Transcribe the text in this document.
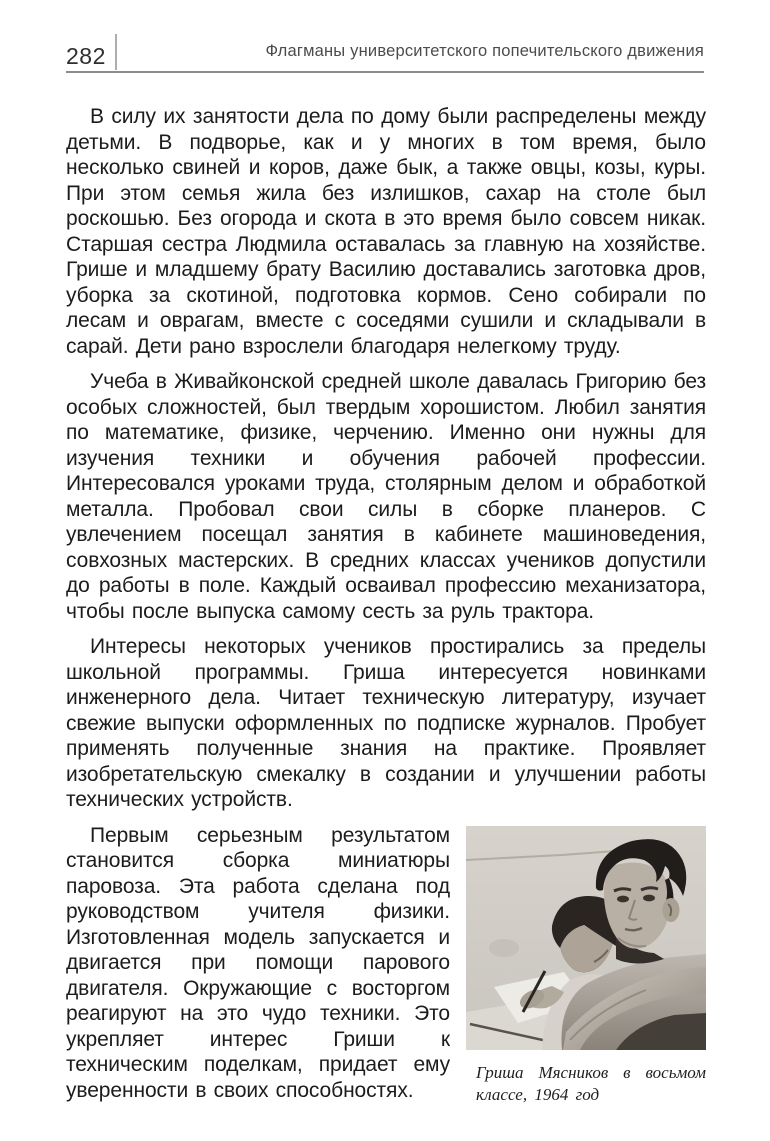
282	Флагманы университетского попечительского движения

В силу их занятости дела по дому были распределены между детьми. В подворье, как и у многих в том время, было несколько свиней и коров, даже бык, а также овцы, козы, куры. При этом семья жила без излишков, сахар на столе был роскошью. Без огорода и скота в это время было совсем никак. Старшая сестра Людмила оставалась за главную на хозяйстве. Грише и младшему брату Василию доставались заготовка дров, уборка за скотиной, подготовка кормов. Сено собирали по лесам и оврагам, вместе с соседями сушили и складывали в сарай. Дети рано взрослели благодаря нелегкому труду.

Учеба в Живайконской средней школе давалась Григорию без особых сложностей, был твердым хорошистом. Любил занятия по математике, физике, черчению. Именно они нужны для изучения техники и обучения рабочей профессии. Интересовался уроками труда, столярным делом и обработкой металла. Пробовал свои силы в сборке планеров. С увлечением посещал занятия в кабинете машиноведения, совхозных мастерских. В средних классах учеников допустили до работы в поле. Каждый осваивал профессию механизатора, чтобы после выпуска самому сесть за руль трактора.

Интересы некоторых учеников простирались за пределы школьной программы. Гриша интересуется новинками инженерного дела. Читает техническую литературу, изучает свежие выпуски оформленных по подписке журналов. Пробует применять полученные знания на практике. Проявляет изобретательскую смекалку в создании и улучшении работы технических устройств.

Первым серьезным результатом становится сборка миниатюры паровоза. Эта работа сделана под руководством учителя физики. Изготовленная модель запускается и двигается при помощи парового двигателя. Окружающие с восторгом реагируют на это чудо техники. Это укрепляет интерес Гриши к техническим поделкам, придает ему уверенности в своих способностях.

Гриша Мясников в восьмом классе, 1964 год
